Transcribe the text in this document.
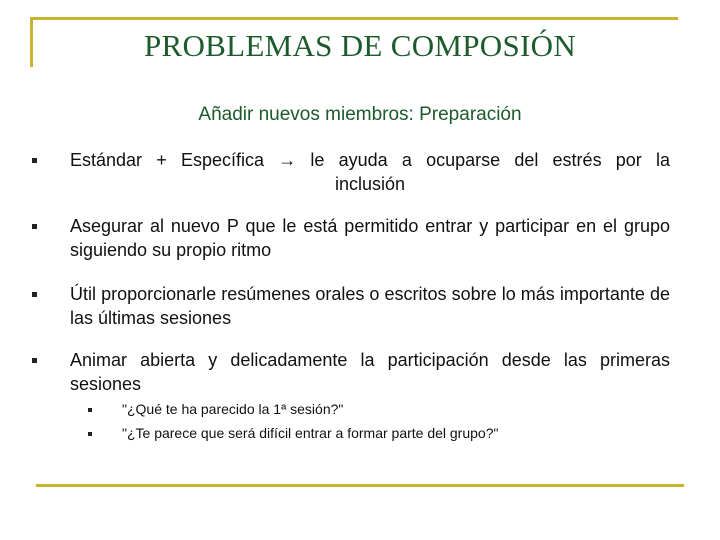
PROBLEMAS DE COMPOSIÓN
Añadir nuevos miembros: Preparación
Estándar + Específica → le ayuda a ocuparse del estrés por la
inclusión
Asegurar al nuevo P que le está permitido entrar y participar en el grupo siguiendo su propio ritmo
Útil proporcionarle resúmenes orales o escritos sobre lo más importante de las últimas sesiones
Animar abierta y delicadamente la participación desde las primeras sesiones
"¿Qué te ha parecido la 1ª sesión?"
"¿Te parece que será difícil entrar a formar parte del grupo?"
